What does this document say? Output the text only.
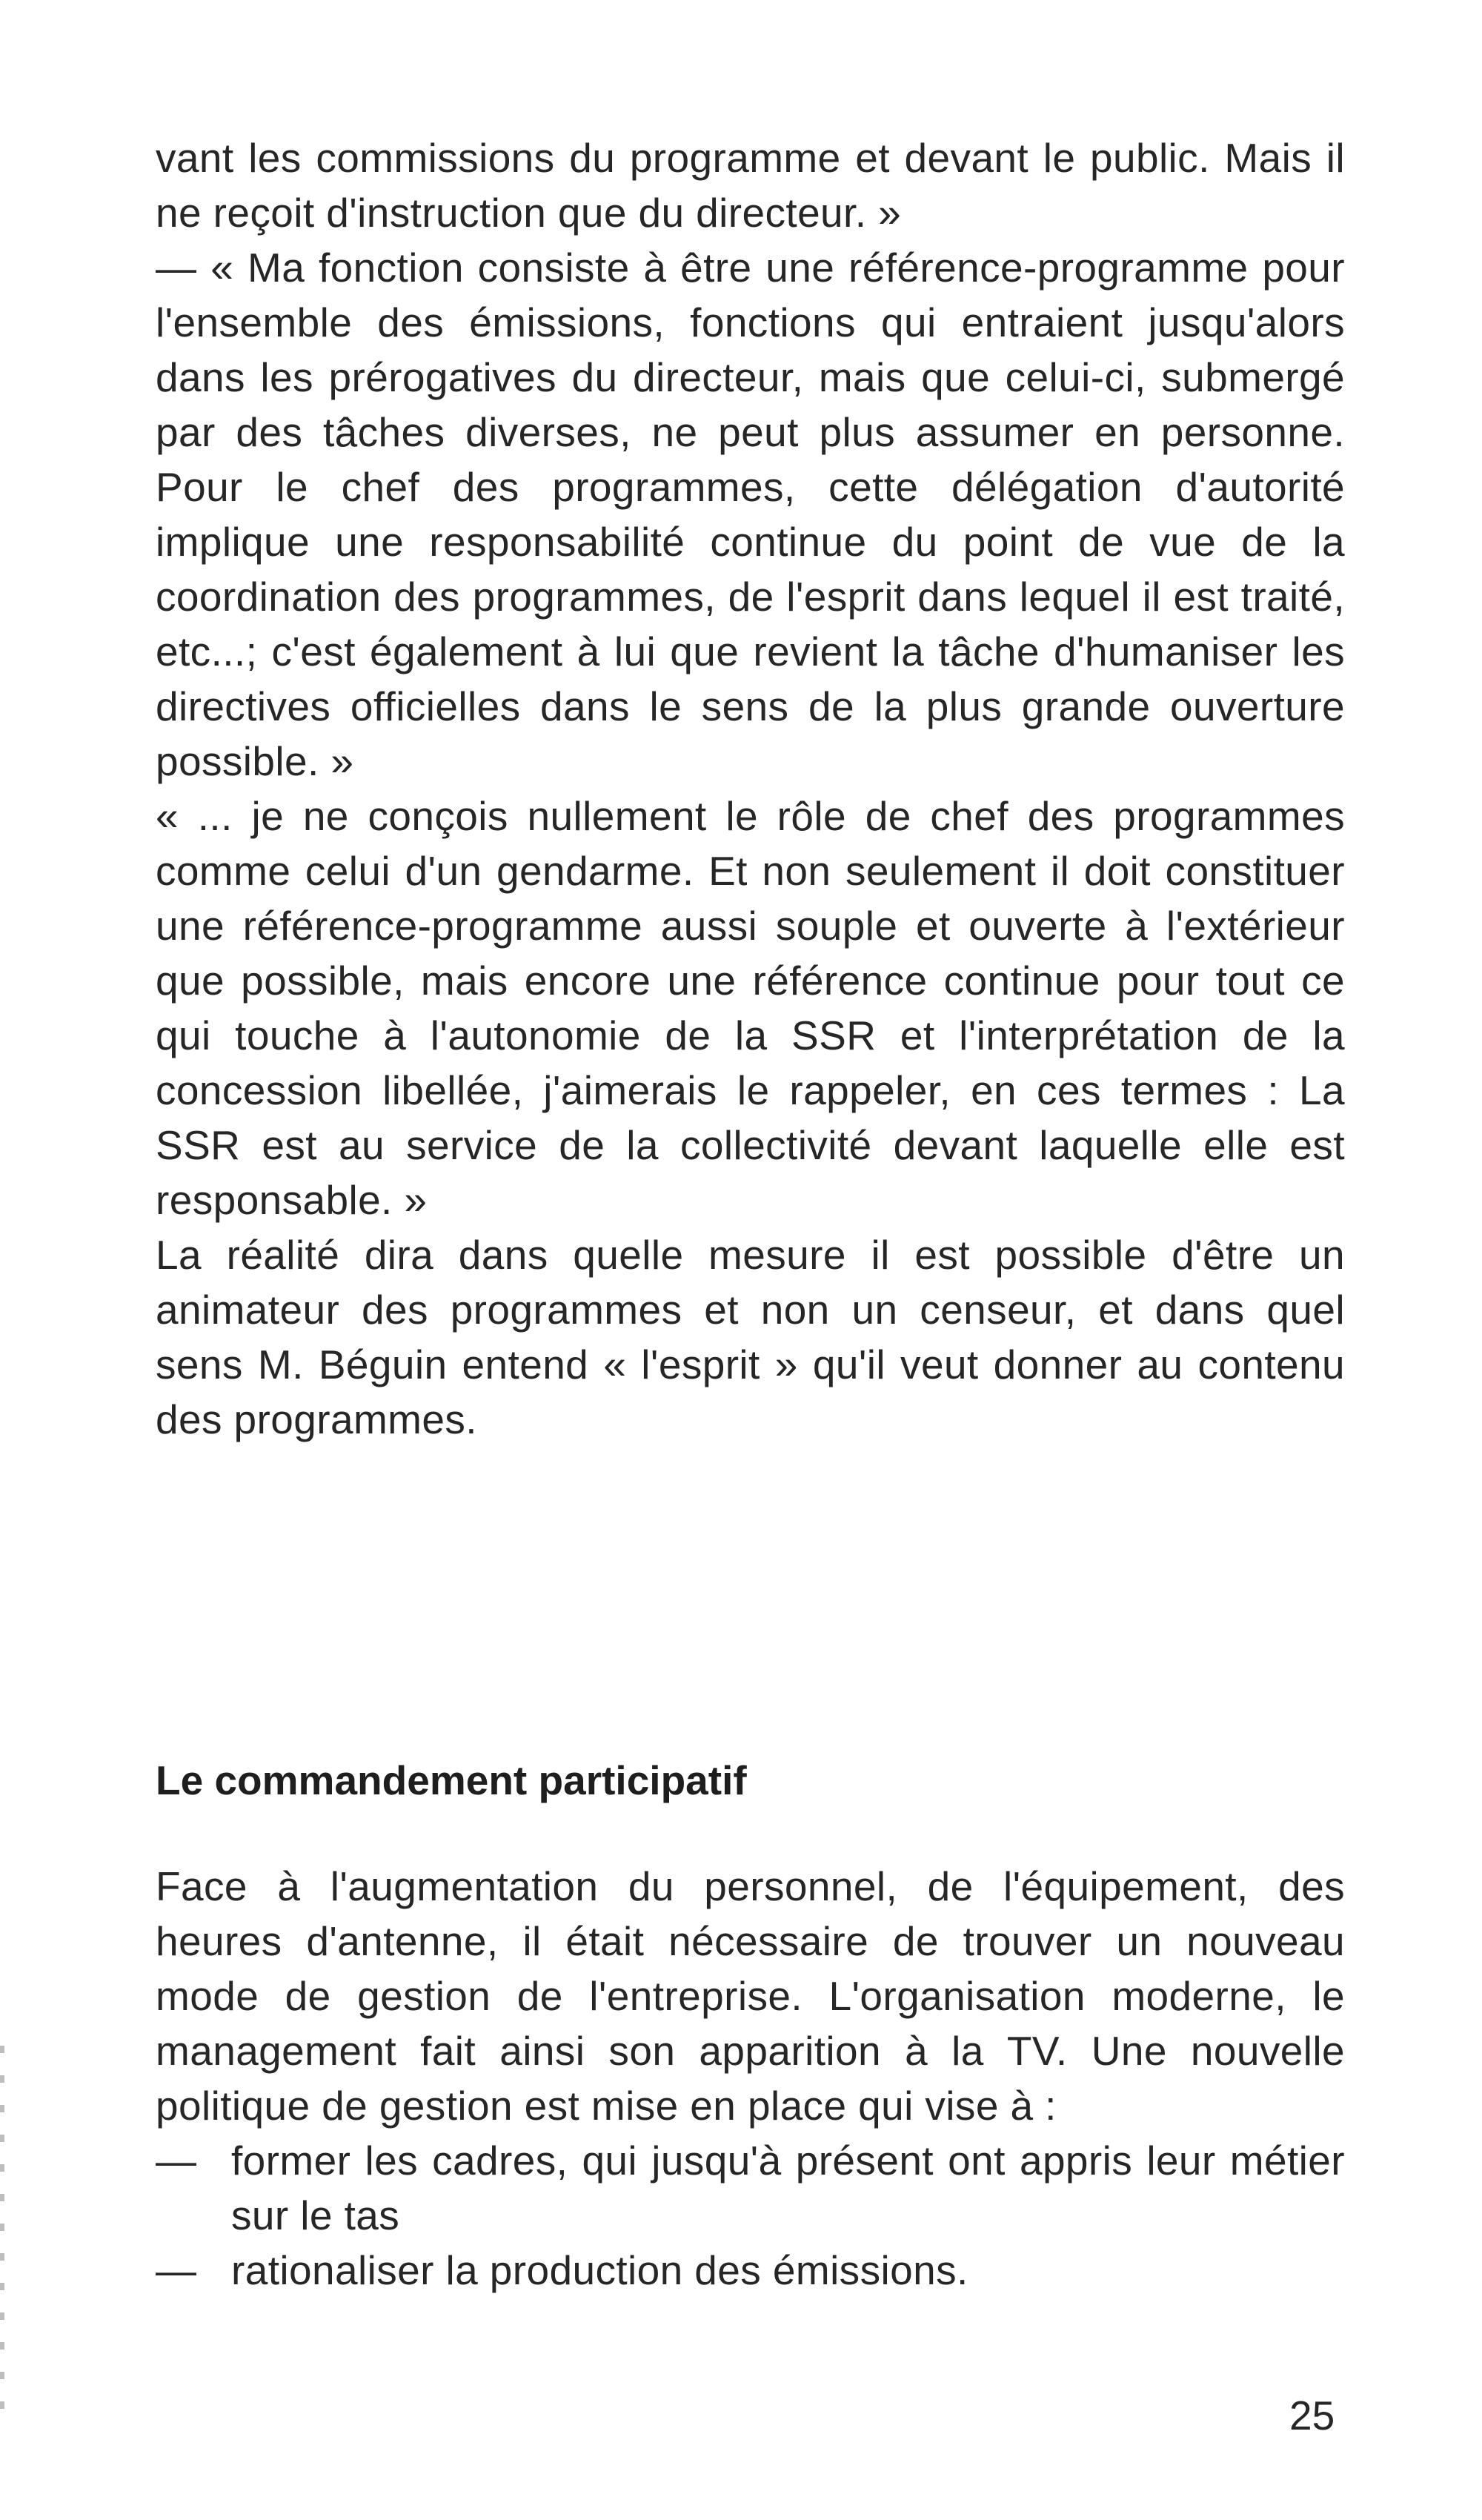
vant les commissions du programme et devant le public. Mais il ne reçoit d'instruction que du directeur. »

— « Ma fonction consiste à être une référence-programme pour l'ensemble des émissions, fonctions qui entraient jusqu'alors dans les prérogatives du directeur, mais que celui-ci, submergé par des tâches diverses, ne peut plus assumer en personne. Pour le chef des programmes, cette délégation d'autorité implique une responsabilité continue du point de vue de la coordination des programmes, de l'esprit dans lequel il est traité, etc...; c'est également à lui que revient la tâche d'humaniser les directives officielles dans le sens de la plus grande ouverture possible. »

« ... je ne conçois nullement le rôle de chef des programmes comme celui d'un gendarme. Et non seulement il doit constituer une référence-programme aussi souple et ouverte à l'extérieur que possible, mais encore une référence continue pour tout ce qui touche à l'autonomie de la SSR et l'interprétation de la concession libellée, j'aimerais le rappeler, en ces termes : La SSR est au service de la collectivité devant laquelle elle est responsable. »

La réalité dira dans quelle mesure il est possible d'être un animateur des programmes et non un censeur, et dans quel sens M. Béguin entend « l'esprit » qu'il veut donner au contenu des programmes.

Le commandement participatif

Face à l'augmentation du personnel, de l'équipement, des heures d'antenne, il était nécessaire de trouver un nouveau mode de gestion de l'entreprise. L'organisation moderne, le management fait ainsi son apparition à la TV. Une nouvelle politique de gestion est mise en place qui vise à :

— former les cadres, qui jusqu'à présent ont appris leur métier sur le tas

— rationaliser la production des émissions.

25
